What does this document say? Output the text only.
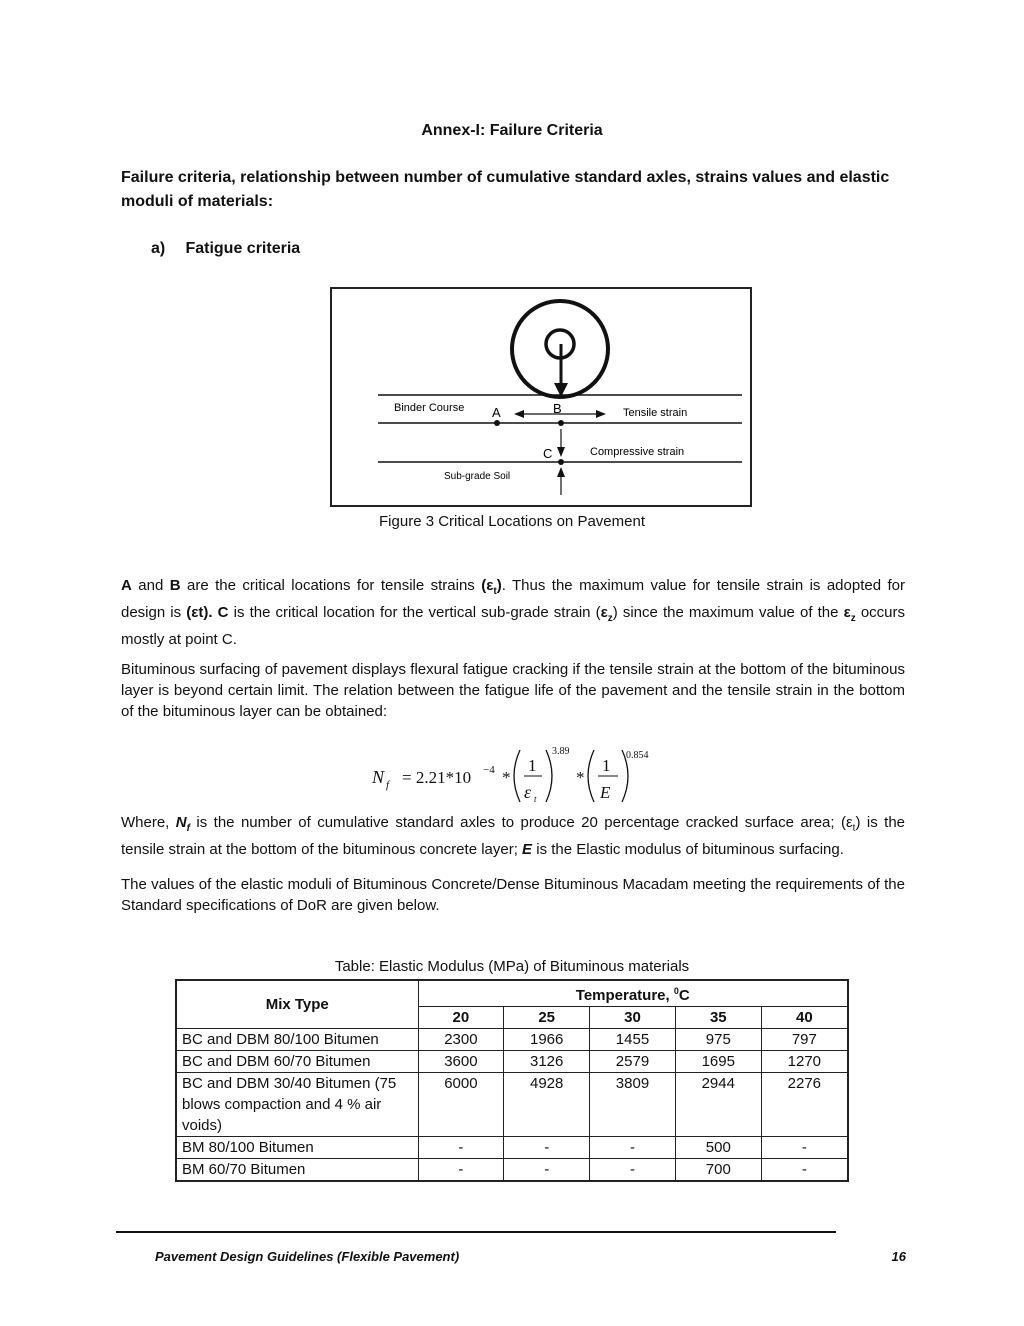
Annex-I: Failure Criteria
Failure criteria, relationship between number of cumulative standard axles, strains values and elastic moduli of materials:
a) Fatigue criteria
Binder Course A	B	Tensile strain
C	Compressive strain
Sub-grade Soil
Figure 3 Critical Locations on Pavement
A and B are the critical locations for tensile strains $(\varepsilon_t)$. Thus the maximum value for tensile strain is adopted for design is (εt). C is the critical location for the vertical sub-grade strain $(\varepsilon_z)$ since the maximum value of the $\varepsilon_z$ occurs mostly at point C.
Bituminous surfacing of pavement displays flexural fatigue cracking if the tensile strain at the bottom of the bituminous layer is beyond certain limit. The relation between the fatigue life of the pavement and the tensile strain in the bottom of the bituminous layer can be obtained:
N f = 2.21*10 −4 *
1
ε t
3.89
*
1
E
0.854
Where, $N_f$ is the number of cumulative standard axles to produce 20 percentage cracked surface area; $(\varepsilon_t)$ is the tensile strain at the bottom of the bituminous concrete layer; E is the Elastic modulus of bituminous surfacing.
The values of the elastic moduli of Bituminous Concrete/Dense Bituminous Macadam meeting the requirements of the Standard specifications of DoR are given below.
Table: Elastic Modulus (MPa) of Bituminous materials
Mix Type	Temperature, $^0$C				
	20	25	30	35	40
BC and DBM 80/100 Bitumen	2300	1966	1455	975	797
BC and DBM 60/70 Bitumen	3600	3126	2579	1695	1270
BC and DBM 30/40 Bitumen (75 blows compaction and 4 % air voids)	6000	4928	3809	2944	2276
BM 80/100 Bitumen	-	-	-	500	-
BM 60/70 Bitumen	-	-	-	700	-
Pavement Design Guidelines (Flexible Pavement)	16
